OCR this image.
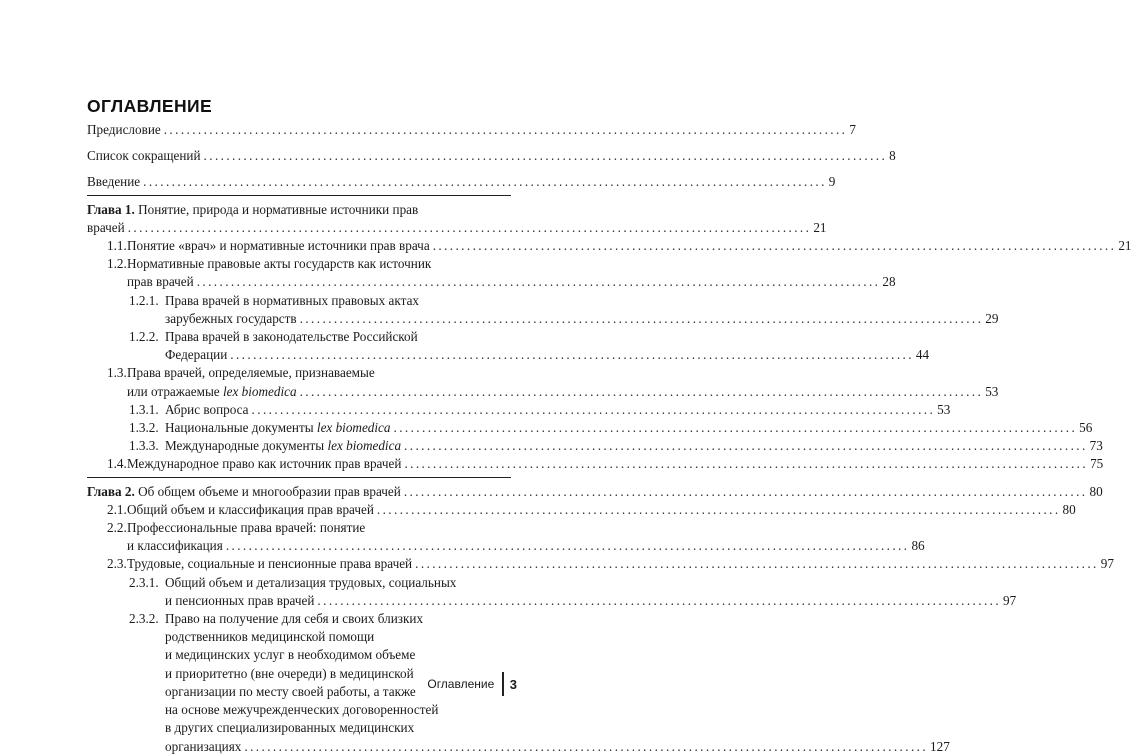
ОГЛАВЛЕНИЕ
Предисловие ........................................................................................................................ 7
Список сокращений ........................................................................................................................ 8
Введение ........................................................................................................................ 9
Глава 1. Понятие, природа и нормативные источники прав
врачей ........................................................................................................................ 21
1.1. Понятие «врач» и нормативные источники прав врача ........................................................................................................................ 21
1.2. Нормативные правовые акты государств как источник
прав врачей ........................................................................................................................ 28
1.2.1. Права врачей в нормативных правовых актах
зарубежных государств ........................................................................................................................ 29
1.2.2. Права врачей в законодательстве Российской
Федерации ........................................................................................................................ 44
1.3. Права врачей, определяемые, признаваемые
или отражаемые lex biomedica ........................................................................................................................ 53
1.3.1. Абрис вопроса ........................................................................................................................ 53
1.3.2. Национальные документы lex biomedica ........................................................................................................................ 56
1.3.3. Международные документы lex biomedica ........................................................................................................................ 73
1.4. Международное право как источник прав врачей ........................................................................................................................ 75
Глава 2. Об общем объеме и многообразии прав врачей ........................................................................................................................ 80
2.1. Общий объем и классификация прав врачей ........................................................................................................................ 80
2.2. Профессиональные права врачей: понятие
и классификация ........................................................................................................................ 86
2.3. Трудовые, социальные и пенсионные права врачей ........................................................................................................................ 97
2.3.1. Общий объем и детализация трудовых, социальных
и пенсионных прав врачей ........................................................................................................................ 97
2.3.2. Право на получение для себя и своих близких
родственников медицинской помощи
и медицинских услуг в необходимом объеме
и приоритетно (вне очереди) в медицинской
организации по месту своей работы, а также
на основе межучрежденческих договоренностей
в других специализированных медицинских
организациях ........................................................................................................................ 127
Оглавление 3
